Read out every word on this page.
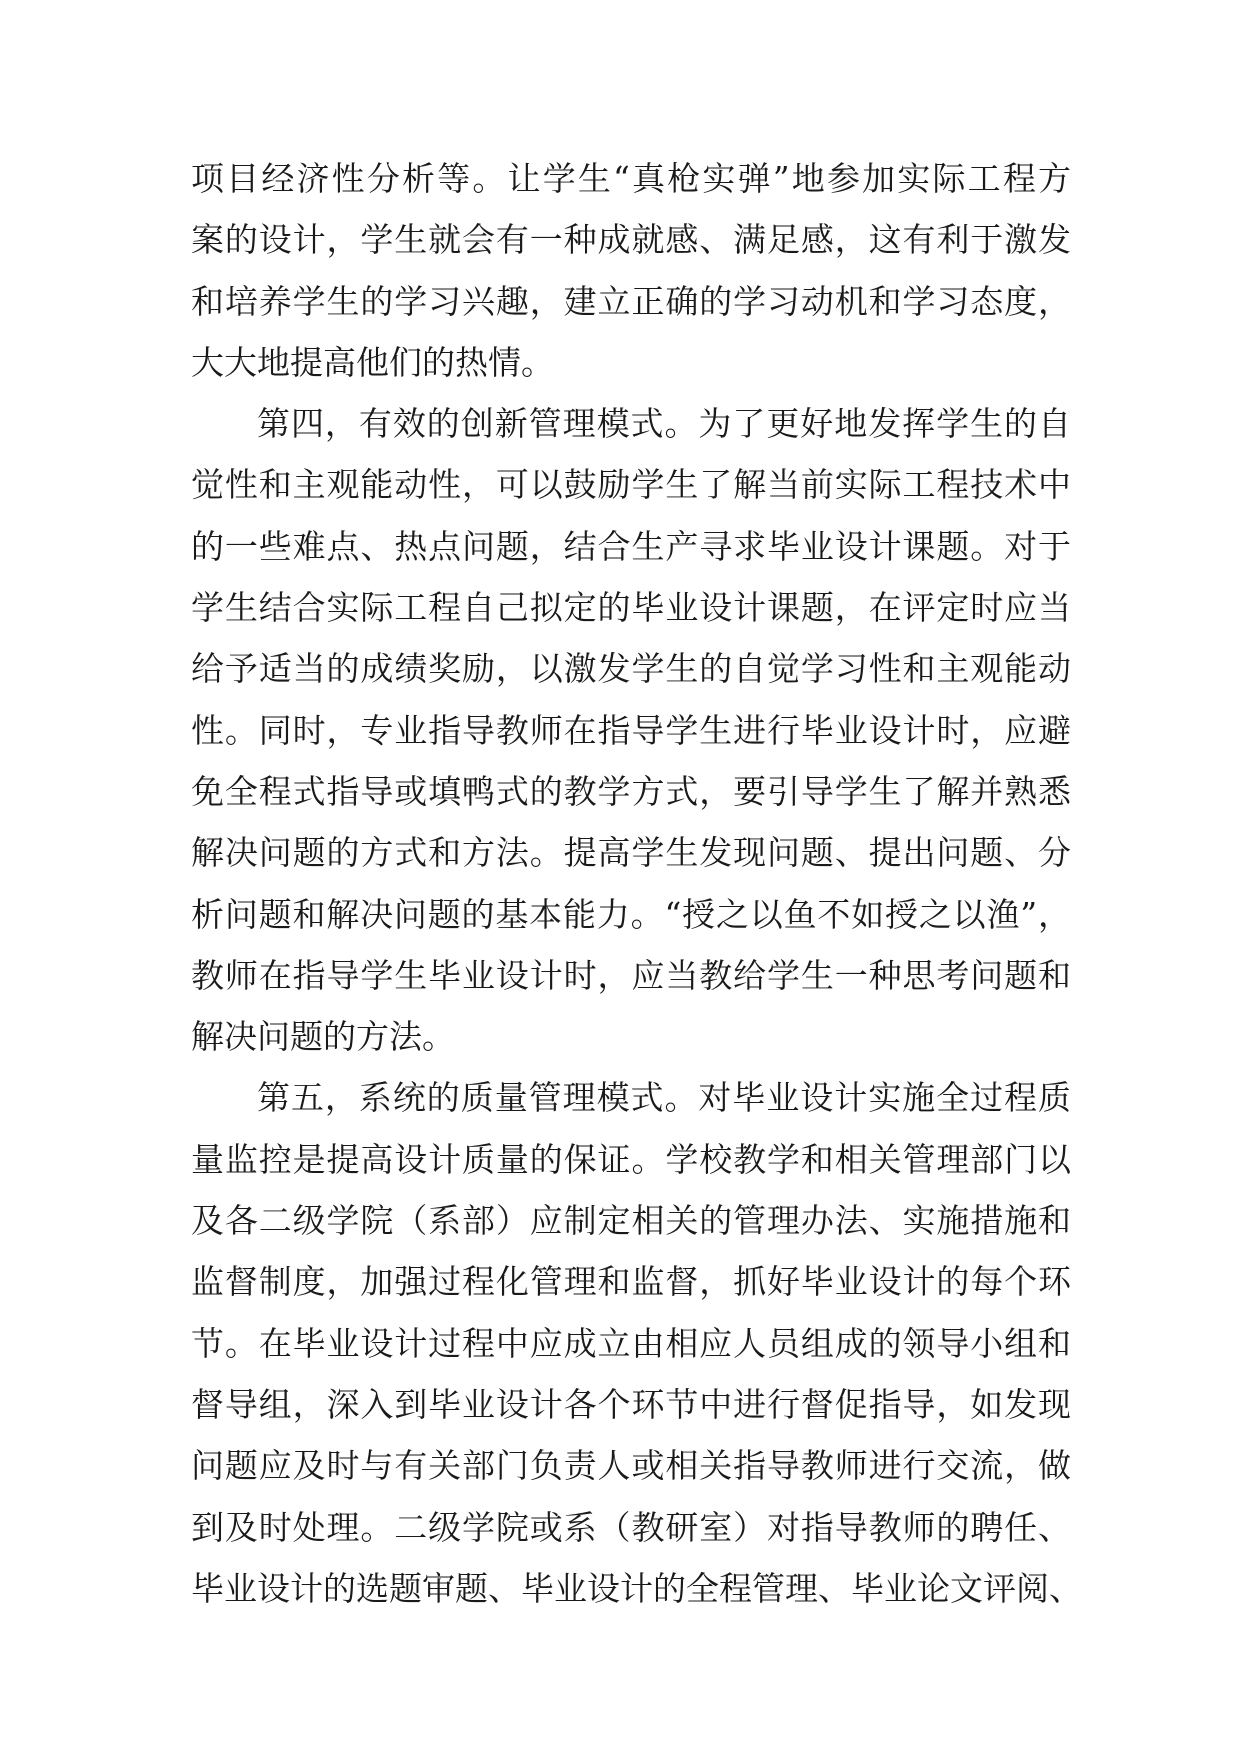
项目经济性分析等。让学生“真枪实弹”地参加实际工程方
案的设计，学生就会有一种成就感、满足感，这有利于激发
和培养学生的学习兴趣，建立正确的学习动机和学习态度，
大大地提高他们的热情。
第四，有效的创新管理模式。为了更好地发挥学生的自
觉性和主观能动性，可以鼓励学生了解当前实际工程技术中
的一些难点、热点问题，结合生产寻求毕业设计课题。对于
学生结合实际工程自己拟定的毕业设计课题，在评定时应当
给予适当的成绩奖励，以激发学生的自觉学习性和主观能动
性。同时，专业指导教师在指导学生进行毕业设计时，应避
免全程式指导或填鸭式的教学方式，要引导学生了解并熟悉
解决问题的方式和方法。提高学生发现问题、提出问题、分
析问题和解决问题的基本能力。“授之以鱼不如授之以渔”，
教师在指导学生毕业设计时，应当教给学生一种思考问题和
解决问题的方法。
第五，系统的质量管理模式。对毕业设计实施全过程质
量监控是提高设计质量的保证。学校教学和相关管理部门以
及各二级学院（系部）应制定相关的管理办法、实施措施和
监督制度，加强过程化管理和监督，抓好毕业设计的每个环
节。在毕业设计过程中应成立由相应人员组成的领导小组和
督导组，深入到毕业设计各个环节中进行督促指导，如发现
问题应及时与有关部门负责人或相关指导教师进行交流，做
到及时处理。二级学院或系（教研室）对指导教师的聘任、
毕业设计的选题审题、毕业设计的全程管理、毕业论文评阅、
